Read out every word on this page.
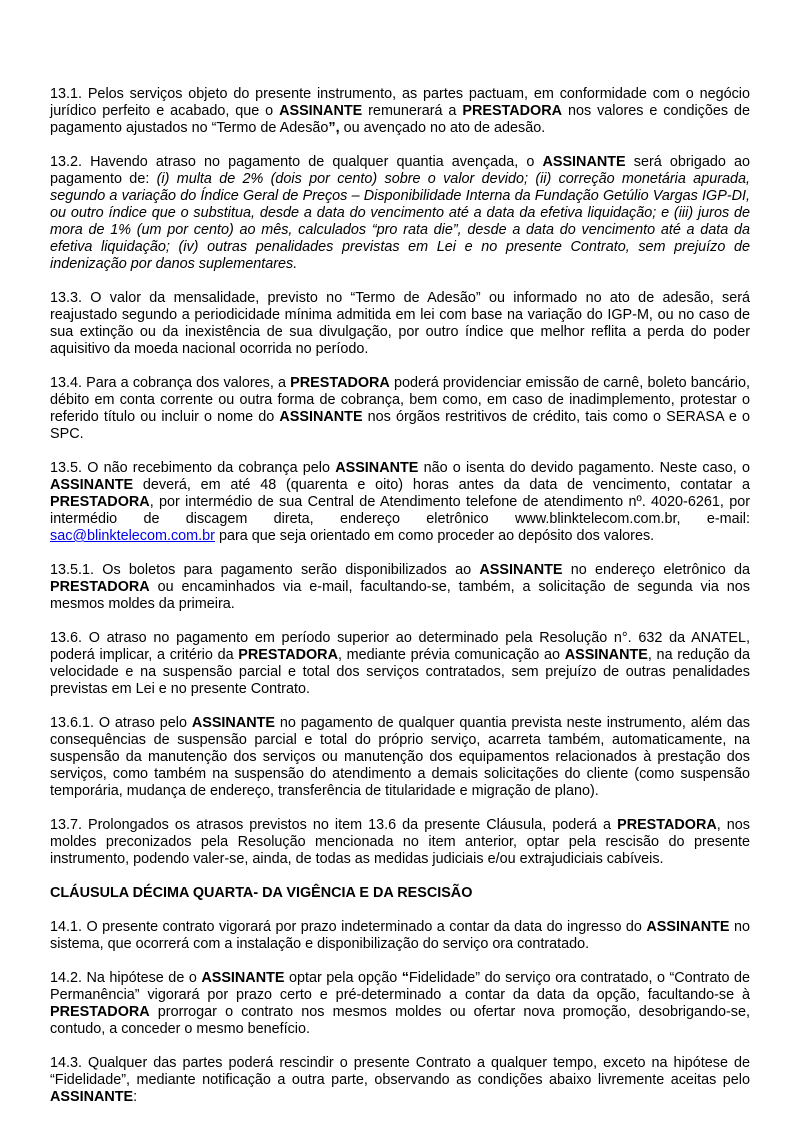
13.1. Pelos serviços objeto do presente instrumento, as partes pactuam, em conformidade com o negócio jurídico perfeito e acabado, que o ASSINANTE remunerará a PRESTADORA nos valores e condições de pagamento ajustados no “Termo de Adesão”, ou avençado no ato de adesão.

13.2. Havendo atraso no pagamento de qualquer quantia avençada, o ASSINANTE será obrigado ao pagamento de: (i) multa de 2% (dois por cento) sobre o valor devido; (ii) correção monetária apurada, segundo a variação do Índice Geral de Preços – Disponibilidade Interna da Fundação Getúlio Vargas IGP-DI, ou outro índice que o substitua, desde a data do vencimento até a data da efetiva liquidação; e (iii) juros de mora de 1% (um por cento) ao mês, calculados “pro rata die”, desde a data do vencimento até a data da efetiva liquidação; (iv) outras penalidades previstas em Lei e no presente Contrato, sem prejuízo de indenização por danos suplementares.

13.3. O valor da mensalidade, previsto no “Termo de Adesão” ou informado no ato de adesão, será reajustado segundo a periodicidade mínima admitida em lei com base na variação do IGP-M, ou no caso de sua extinção ou da inexistência de sua divulgação, por outro índice que melhor reflita a perda do poder aquisitivo da moeda nacional ocorrida no período.

13.4. Para a cobrança dos valores, a PRESTADORA poderá providenciar emissão de carnê, boleto bancário, débito em conta corrente ou outra forma de cobrança, bem como, em caso de inadimplemento, protestar o referido título ou incluir o nome do ASSINANTE nos órgãos restritivos de crédito, tais como o SERASA e o SPC.

13.5. O não recebimento da cobrança pelo ASSINANTE não o isenta do devido pagamento. Neste caso, o ASSINANTE deverá, em até 48 (quarenta e oito) horas antes da data de vencimento, contatar a PRESTADORA, por intermédio de sua Central de Atendimento telefone de atendimento nº. 4020-6261, por intermédio de discagem direta, endereço eletrônico www.blinktelecom.com.br, e-mail: sac@blinktelecom.com.br para que seja orientado em como proceder ao depósito dos valores.

13.5.1. Os boletos para pagamento serão disponibilizados ao ASSINANTE no endereço eletrônico da PRESTADORA ou encaminhados via e-mail, facultando-se, também, a solicitação de segunda via nos mesmos moldes da primeira.

13.6. O atraso no pagamento em período superior ao determinado pela Resolução n°. 632 da ANATEL, poderá implicar, a critério da PRESTADORA, mediante prévia comunicação ao ASSINANTE, na redução da velocidade e na suspensão parcial e total dos serviços contratados, sem prejuízo de outras penalidades previstas em Lei e no presente Contrato.

13.6.1. O atraso pelo ASSINANTE no pagamento de qualquer quantia prevista neste instrumento, além das consequências de suspensão parcial e total do próprio serviço, acarreta também, automaticamente, na suspensão da manutenção dos serviços ou manutenção dos equipamentos relacionados à prestação dos serviços, como também na suspensão do atendimento a demais solicitações do cliente (como suspensão temporária, mudança de endereço, transferência de titularidade e migração de plano).

13.7. Prolongados os atrasos previstos no item 13.6 da presente Cláusula, poderá a PRESTADORA, nos moldes preconizados pela Resolução mencionada no item anterior, optar pela rescisão do presente instrumento, podendo valer-se, ainda, de todas as medidas judiciais e/ou extrajudiciais cabíveis.

CLÁUSULA DÉCIMA QUARTA- DA VIGÊNCIA E DA RESCISÃO

14.1. O presente contrato vigorará por prazo indeterminado a contar da data do ingresso do ASSINANTE no sistema, que ocorrerá com a instalação e disponibilização do serviço ora contratado.

14.2. Na hipótese de o ASSINANTE optar pela opção “Fidelidade” do serviço ora contratado, o “Contrato de Permanência” vigorará por prazo certo e pré-determinado a contar da data da opção, facultando-se à PRESTADORA prorrogar o contrato nos mesmos moldes ou ofertar nova promoção, desobrigando-se, contudo, a conceder o mesmo benefício.

14.3. Qualquer das partes poderá rescindir o presente Contrato a qualquer tempo, exceto na hipótese de “Fidelidade”, mediante notificação a outra parte, observando as condições abaixo livremente aceitas pelo ASSINANTE:
